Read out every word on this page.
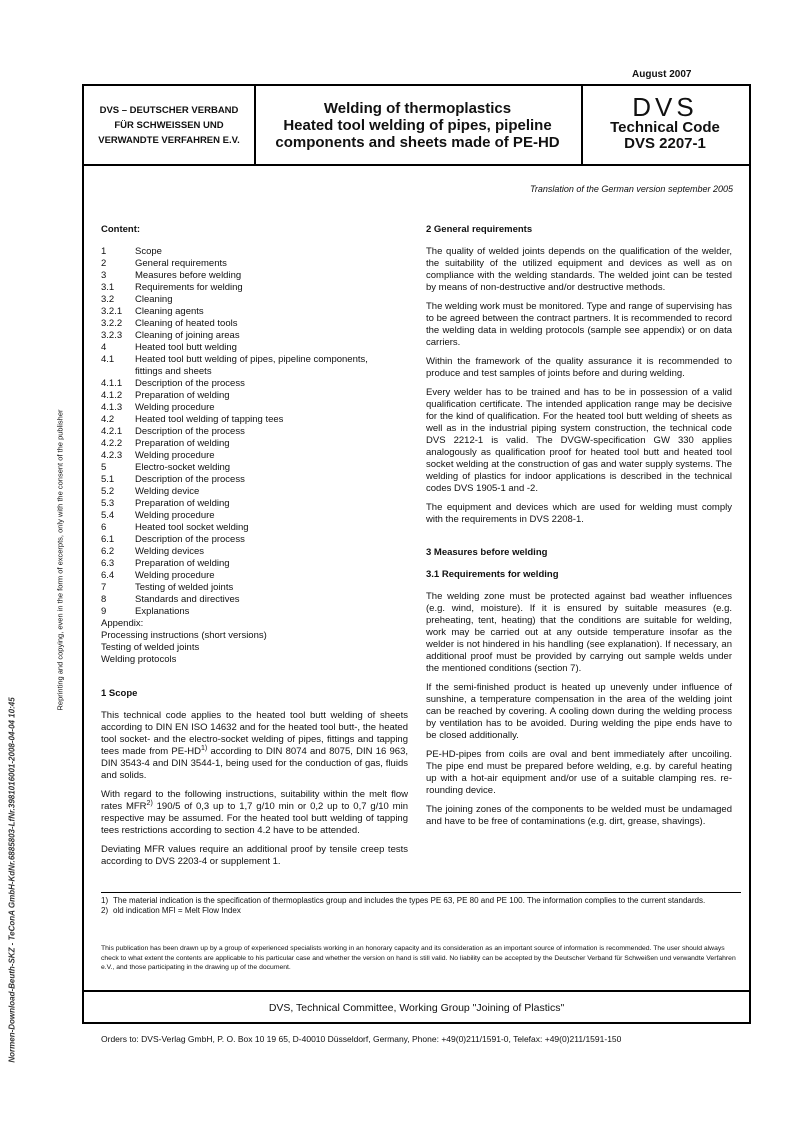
August 2007
DVS – DEUTSCHER VERBAND
FÜR SCHWEISSEN UND
VERWANDTE VERFAHREN E.V.
Welding of thermoplastics
Heated tool welding of pipes, pipeline
components and sheets made of PE-HD
DVS
Technical Code
DVS 2207-1
Translation of the German version september 2005
Content:
1	Scope
2	General requirements
3	Measures before welding
3.1	Requirements for welding
3.2	Cleaning
3.2.1	Cleaning agents
3.2.2	Cleaning of heated tools
3.2.3	Cleaning of joining areas
4	Heated tool butt welding
4.1	Heated tool butt welding of pipes, pipeline components,
fittings and sheets
4.1.1	Description of the process
4.1.2	Preparation of welding
4.1.3	Welding procedure
4.2	Heated tool welding of tapping tees
4.2.1	Description of the process
4.2.2	Preparation of welding
4.2.3	Welding procedure
5	Electro-socket welding
5.1	Description of the process
5.2	Welding device
5.3	Preparation of welding
5.4	Welding procedure
6	Heated tool socket welding
6.1	Description of the process
6.2	Welding devices
6.3	Preparation of welding
6.4	Welding procedure
7	Testing of welded joints
8	Standards and directives
9	Explanations
Appendix:
Processing instructions (short versions)
Testing of welded joints
Welding protocols
1 Scope

This technical code applies to the heated tool butt welding of sheets according to DIN EN ISO 14632 and for the heated tool butt-, the heated tool socket- and the electro-socket welding of pipes, fittings and tapping tees made from PE-HD$^{1)}$ according to DIN 8074 and 8075, DIN 16 963, DIN 3543-4 and DIN 3544-1, being used for the conduction of gas, fluids and solids.

With regard to the following instructions, suitability within the melt flow rates MFR$^{2)}$ 190/5 of 0,3 up to 1,7 g/10 min or 0,2 up to 0,7 g/10 min respective may be assumed. For the heated tool butt welding of tapping tees restrictions according to section 4.2 have to be attended.

Deviating MFR values require an additional proof by tensile creep tests according to DVS 2203-4 or supplement 1.

2 General requirements

The quality of welded joints depends on the qualification of the welder, the suitability of the utilized equipment and devices as well as on compliance with the welding standards. The welded joint can be tested by means of non-destructive and/or destructive methods.

The welding work must be monitored. Type and range of supervising has to be agreed between the contract partners. It is recommended to record the welding data in welding protocols (sample see appendix) or on data carriers.

Within the framework of the quality assurance it is recommended to produce and test samples of joints before and during welding.

Every welder has to be trained and has to be in possession of a valid qualification certificate. The intended application range may be decisive for the kind of qualification. For the heated tool butt welding of sheets as well as in the industrial piping system construction, the technical code DVS 2212-1 is valid. The DVGW-specification GW 330 applies analogously as qualification proof for heated tool butt and heated tool socket welding at the construction of gas and water supply systems. The welding of plastics for indoor applications is described in the technical codes DVS 1905-1 and -2.

The equipment and devices which are used for welding must comply with the requirements in DVS 2208-1.

3 Measures before welding
3.1 Requirements for welding

The welding zone must be protected against bad weather influences (e.g. wind, moisture). If it is ensured by suitable measures (e.g. preheating, tent, heating) that the conditions are suitable for welding, work may be carried out at any outside temperature insofar as the welder is not hindered in his handling (see explanation). If necessary, an additional proof must be provided by carrying out sample welds under the mentioned conditions (section 7).

If the semi-finished product is heated up unevenly under influence of sunshine, a temperature compensation in the area of the welding joint can be reached by covering. A cooling down during the welding process by ventilation has to be avoided. During welding the pipe ends have to be closed additionally.

PE-HD-pipes from coils are oval and bent immediately after uncoiling. The pipe end must be prepared before welding, e.g. by careful heating up with a hot-air equipment and/or use of a suitable clamping res. re-rounding device.

The joining zones of the components to be welded must be undamaged and have to be free of contaminations (e.g. dirt, grease, shavings).

1) The material indication is the specification of thermoplastics group and includes the types PE 63, PE 80 and PE 100. The information complies to the current standards.
2) old indication MFI = Melt Flow Index
This publication has been drawn up by a group of experienced specialists working in an honorary capacity and its consideration as an important source of information is recommended. The user should always check to what extent the contents are applicable to his particular case and whether the version on hand is still valid. No liability can be accepted by the Deutscher Verband für Schweißen und verwandte Verfahren e.V., and those participating in the drawing up of the document.
DVS, Technical Committee, Working Group "Joining of Plastics"
Orders to: DVS-Verlag GmbH, P. O. Box 10 19 65, D-40010 Düsseldorf, Germany, Phone: +49(0)211/1591-0, Telefax: +49(0)211/1591-150
Reprinting and copying, even in the form of excerpts, only with the consent of the publisher
Normen-Download-Beuth-SKZ - TeConA GmbH-KdNr.6885803-LfNr.3981016001-2008-04-04 10:45
